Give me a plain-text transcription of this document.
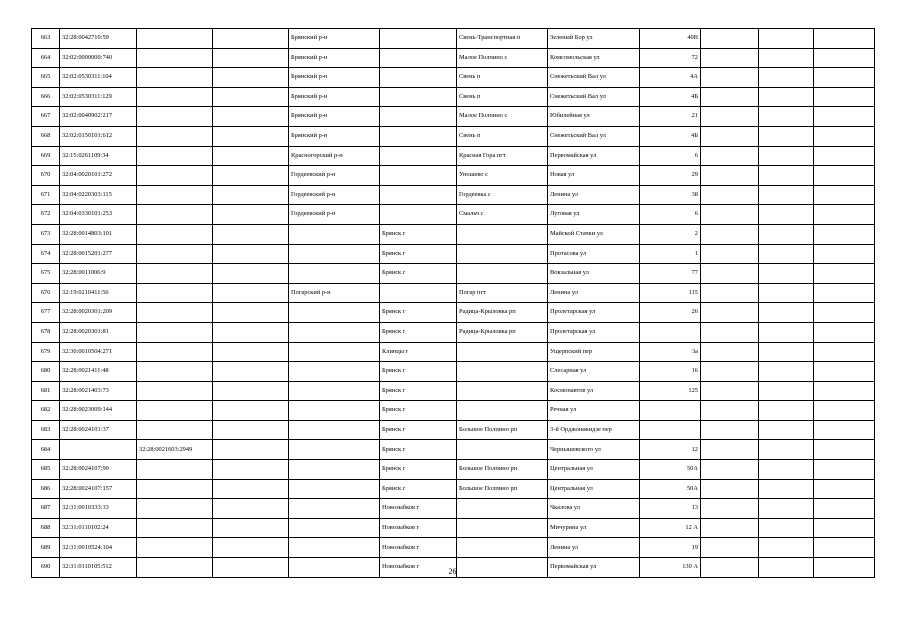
663	32:28:0042710:59			Брянский р-н		Свень-Транспортная п	Зеленый Бор ул	40В			
664	32:02:0000000:740			Брянский р-н		Малое Полпино с	Комсомольская ул	72			
665	32:02:0530311:104			Брянский р-н		Свень п	Снежетьский Вал ул	4А			
666	32:02:0530311:129			Брянский р-н		Свень п	Снежетьский Вал ул	4Б			
667	32:02:0040902:217			Брянский р-н		Малое Полпино с	Юбилейная ул	21			
668	32:02:0150101:612			Брянский р-н		Свень п	Снежетьский Вал ул	4Б			
669	32:15:0261109:34			Красногорский р-н		Красная Гора пгт	Первомайская ул	6			
670	32:04:0020101:272			Гордеевский р-н		Уношево с	Новая ул	29			
671	32:04:0220303:115			Гордеевский р-н		Гордеевка с	Ленина ул	38			
672	32:04:0330101:253			Гордеевский р-н		Смальч с	Луговая ул	6			
673	32:28:0014803:101				Брянск г		Майской Стачки ул	2			
674	32:28:0015201:277				Брянск г		Протасова ул	1			
675	32:28:0011006:9				Брянск г		Вокзальная ул	77			
676	32:19:0210411:56			Погарский р-н		Погар пгт	Ленина ул	115			
677	32:28:0020301:209				Брянск г	Радица-Крыловка рп	Пролетарская ул	26			
678	32:28:0020301:81				Брянск г	Радица-Крыловка рп	Пролетарская ул				
679	32:30:0010504:271				Клинцы г		Ущерпский пер	3а			
680	32:28:0021411:48				Брянск г		Слесарная ул	16			
681	32:28:0021403:73				Брянск г		Космонавтов ул	125			
682	32:28:0023009:144				Брянск г		Речная ул				
683	32:28:0024101:37				Брянск г	Большое Полпино рп	3-й Орджоникидзе пер				
684		32:28:0021603:2949			Брянск г		Чернышевского ул	12			
685	32:28:0024107:99				Брянск г	Большое Полпино рп	Центральная ул	50А			
686	32:28:0024107:157				Брянск г	Большое Полпино рп	Центральная ул	50А			
687	32:31:0010333:33				Новозыбков г		Чкалова ул	13			
688	32:31:0110102:24				Новозыбков г		Мичурина ул	12 А			
689	32:31:0010524:104				Новозыбков г		Ленина ул	19			
690	32:31:0110105:512				Новозыбков г		Первомайская ул	130 А			
26
